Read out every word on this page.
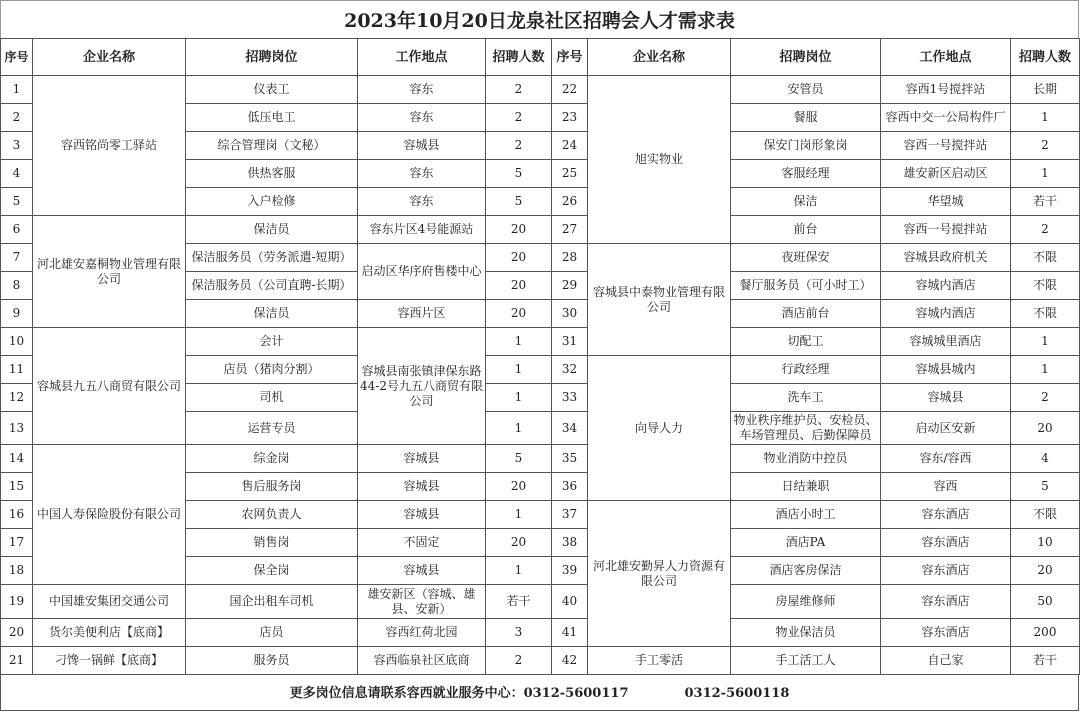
2023年10月20日龙泉社区招聘会人才需求表
序号	企业名称	招聘岗位	工作地点	招聘人数	序号	企业名称	招聘岗位	工作地点	招聘人数
1	容西铭尚零工驿站	仪表工	容东	2	22	旭实物业	安管员	容西1号搅拌站	长期
2		低压电工	容东	2	23		餐服	容西中交一公局构件厂	1
3		综合管理岗（文秘）	容城县	2	24		保安门岗形象岗	容西一号搅拌站	2
4		供热客服	容东	5	25		客服经理	雄安新区启动区	1
5		入户检修	容东	5	26		保洁	华望城	若干
6	河北雄安嘉桐物业管理有限公司	保洁员	容东片区4号能源站	20	27		前台	容西一号搅拌站	2
7		保洁服务员（劳务派遣-短期）	启动区华序府售楼中心	20	28	容城县中泰物业管理有限公司	夜班保安	容城县政府机关	不限
8		保洁服务员（公司直聘-长期）		20	29		餐厅服务员（可小时工）	容城内酒店	不限
9		保洁员	容西片区	20	30		酒店前台	容城内酒店	不限
10	容城县九五八商贸有限公司	会计	容城县南张镇津保东路44-2号九五八商贸有限公司	1	31		切配工	容城城里酒店	1
11		店员（猪肉分割）		1	32	向导人力	行政经理	容城县城内	1
12		司机		1	33		洗车工	容城县	2
13		运营专员		1	34		物业秩序维护员、安检员、车场管理员、后勤保障员	启动区安新	20
14	中国人寿保险股份有限公司	综金岗	容城县	5	35		物业消防中控员	容东/容西	4
15		售后服务岗	容城县	20	36		日结兼职	容西	5
16		农网负责人	容城县	1	37	河北雄安勤昇人力资源有限公司	酒店小时工	容东酒店	不限
17		销售岗	不固定	20	38		酒店PA	容东酒店	10
18		保全岗	容城县	1	39		酒店客房保洁	容东酒店	20
19	中国雄安集团交通公司	国企出租车司机	雄安新区（容城、雄县、安新）	若干	40		房屋维修师	容东酒店	50
20	货尔美便利店【底商】	店员	容西红荷北园	3	41		物业保洁员	容东酒店	200
21	刁馋一锅鲜【底商】	服务员	容西临泉社区底商	2	42	手工零活	手工活工人	自己家	若干
更多岗位信息请联系容西就业服务中心：0312-5600117	0312-5600118
